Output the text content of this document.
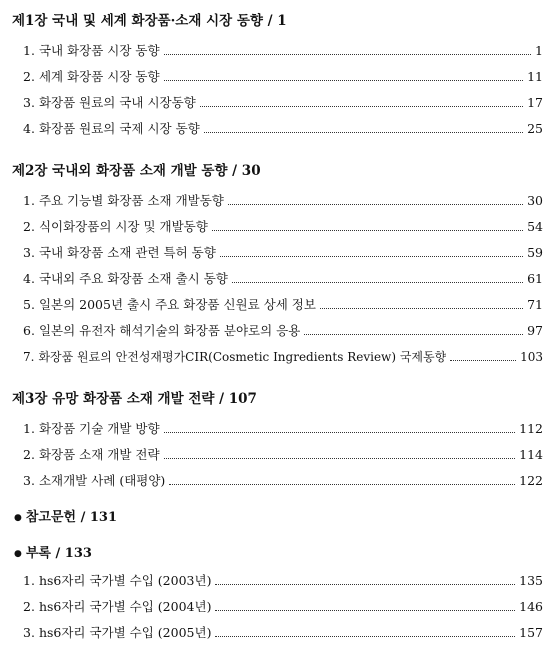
제1장 국내 및 세계 화장품·소재 시장 동향 / 1
1. 국내 화장품 시장 동향	1
2. 세계 화장품 시장 동향	11
3. 화장품 원료의 국내 시장동향	17
4. 화장품 원료의 국제 시장 동향	25
제2장 국내외 화장품 소재 개발 동향 / 30
1. 주요 기능별 화장품 소재 개발동향	30
2. 식이화장품의 시장 및 개발동향	54
3. 국내 화장품 소재 관련 특허 동향	59
4. 국내외 주요 화장품 소재 출시 동향	61
5. 일본의 2005년 출시 주요 화장품 신원료 상세 정보	71
6. 일본의 유전자 해석기술의 화장품 분야로의 응용	97
7. 화장품 원료의 안전성재평가CIR(Cosmetic Ingredients Review) 국제동향	103
제3장 유망 화장품 소재 개발 전략 / 107
1. 화장품 기술 개발 방향	112
2. 화장품 소재 개발 전략	114
3. 소재개발 사례 (태평양)	122
● 참고문헌 / 131
● 부록 / 133
1. hs6자리 국가별 수입 (2003년)	135
2. hs6자리 국가별 수입 (2004년)	146
3. hs6자리 국가별 수입 (2005년)	157
